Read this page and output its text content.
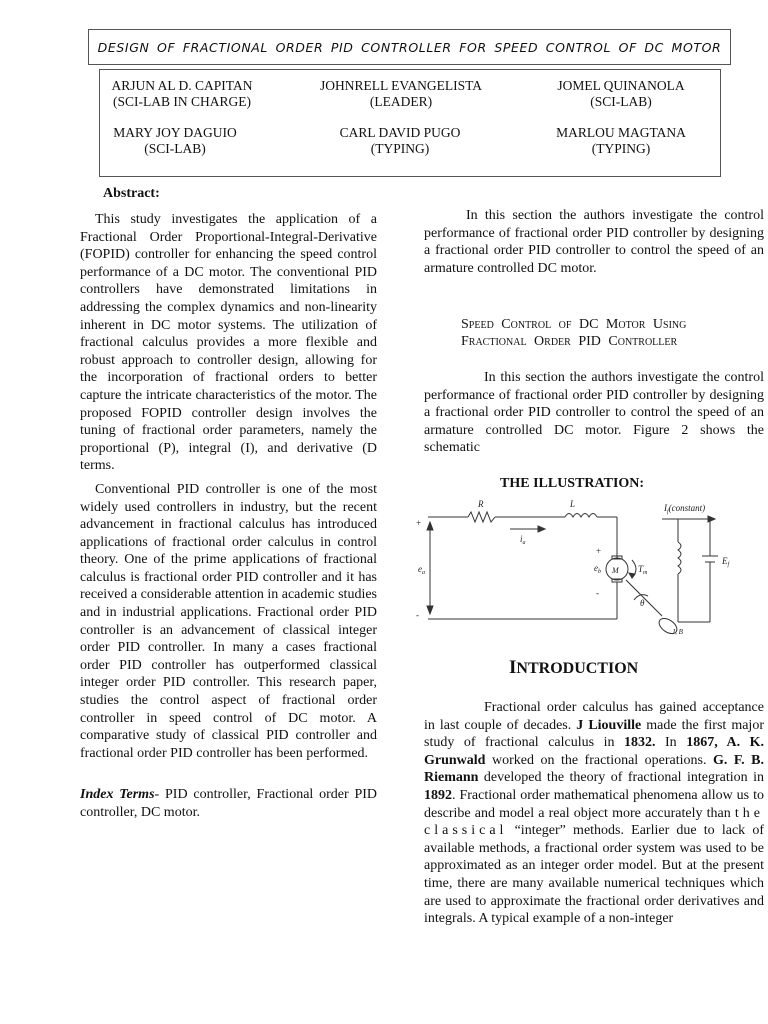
DESIGN OF FRACTIONAL ORDER PID CONTROLLER FOR SPEED CONTROL OF DC MOTOR
ARJUN AL D. CAPITAN
(SCI-LAB IN CHARGE)
JOHNRELL EVANGELISTA
(LEADER)
JOMEL QUINANOLA
(SCI-LAB)
MARY JOY DAGUIO
(SCI-LAB)
CARL DAVID PUGO
(TYPING)
MARLOU MAGTANA
(TYPING)
Abstract:

This study investigates the application of a Fractional Order Proportional-Integral-Derivative (FOPID) controller for enhancing the speed control performance of a DC motor. The conventional PID controllers have demonstrated limitations in addressing the complex dynamics and non-linearity inherent in DC motor systems. The utilization of fractional calculus provides a more flexible and robust approach to controller design, allowing for the incorporation of fractional orders to better capture the intricate characteristics of the motor. The proposed FOPID controller design involves the tuning of fractional order parameters, namely the proportional (P), integral (I), and derivative (D terms.

Conventional PID controller is one of the most widely used controllers in industry, but the recent advancement in fractional calculus has introduced applications of fractional order calculus in control theory. One of the prime applications of fractional calculus is fractional order PID controller and it has received a considerable attention in academic studies and in industrial applications. Fractional order PID controller is an advancement of classical integer order PID controller. In many a cases fractional order PID controller has outperformed classical integer order PID controller. This research paper, studies the control aspect of fractional order controller in speed control of DC motor. A comparative study of classical PID controller and fractional order PID controller has been performed.

Index Terms- PID controller, Fractional order PID controller, DC motor.

In this section the authors investigate the control performance of fractional order PID controller by designing a fractional order PID controller to control the speed of an armature controlled DC motor.

Speed Control of DC Motor Using
Fractional Order PID Controller

In this section the authors investigate the control performance of fractional order PID controller by designing a fractional order PID controller to control the speed of an armature controlled DC motor. Figure 2 shows the schematic

THE ILLUSTRATION:
R	L
$i_a$
+
-
$e_a$
+
$e_b$
-
M $T_m$
$I_f(constant)$
$E_f$
θ
J, B
INTRODUCTION

Fractional order calculus has gained acceptance in last couple of decades. J Liouville made the first major study of fractional calculus in 1832. In 1867, A. K. Grunwald worked on the fractional operations. G. F. B. Riemann developed the theory of fractional integration in 1892. Fractional order mathematical phenomena allow us to describe and model a real object more accurately than the classical “integer” methods. Earlier due to lack of available methods, a fractional order system was used to be approximated as an integer order model. But at the present time, there are many available numerical techniques which are used to approximate the fractional order derivatives and integrals. A typical example of a non-integer
